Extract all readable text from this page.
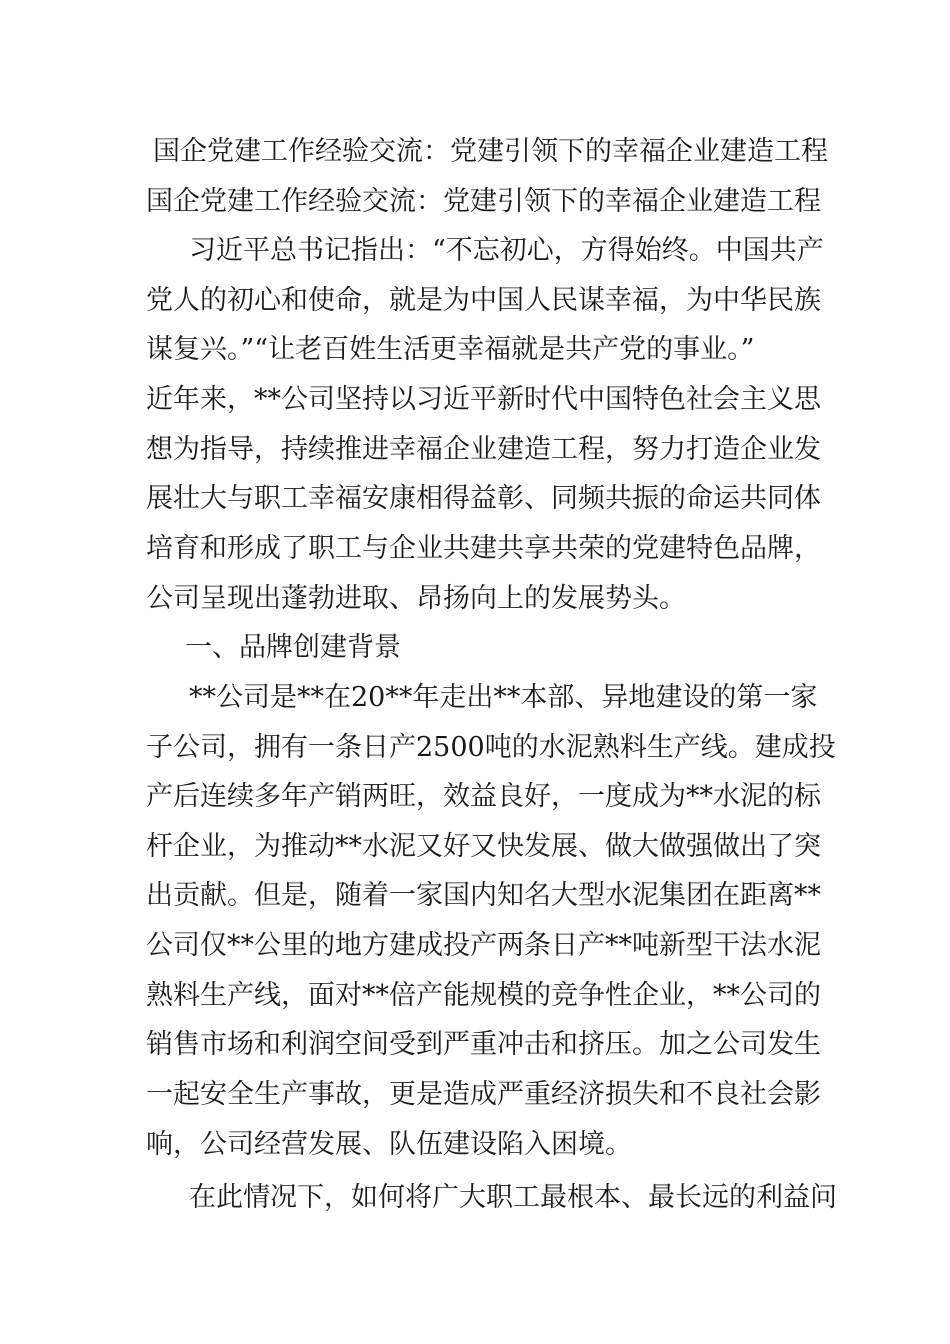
国企党建工作经验交流：党建引领下的幸福企业建造工程
国企党建工作经验交流：党建引领下的幸福企业建造工程
习近平总书记指出：“不忘初心，方得始终。中国共产
党人的初心和使命，就是为中国人民谋幸福，为中华民族
谋复兴。”“让老百姓生活更幸福就是共产党的事业。”
近年来，**公司坚持以习近平新时代中国特色社会主义思
想为指导，持续推进幸福企业建造工程，努力打造企业发
展壮大与职工幸福安康相得益彰、同频共振的命运共同体
培育和形成了职工与企业共建共享共荣的党建特色品牌，
公司呈现出蓬勃进取、昂扬向上的发展势头。
一、品牌创建背景
**公司是**在20**年走出**本部、异地建设的第一家
子公司，拥有一条日产2500吨的水泥熟料生产线。建成投
产后连续多年产销两旺，效益良好，一度成为**水泥的标
杆企业，为推动**水泥又好又快发展、做大做强做出了突
出贡献。但是，随着一家国内知名大型水泥集团在距离**
公司仅**公里的地方建成投产两条日产**吨新型干法水泥
熟料生产线，面对**倍产能规模的竞争性企业，**公司的
销售市场和利润空间受到严重冲击和挤压。加之公司发生
一起安全生产事故，更是造成严重经济损失和不良社会影
响，公司经营发展、队伍建设陷入困境。
在此情况下，如何将广大职工最根本、最长远的利益问
